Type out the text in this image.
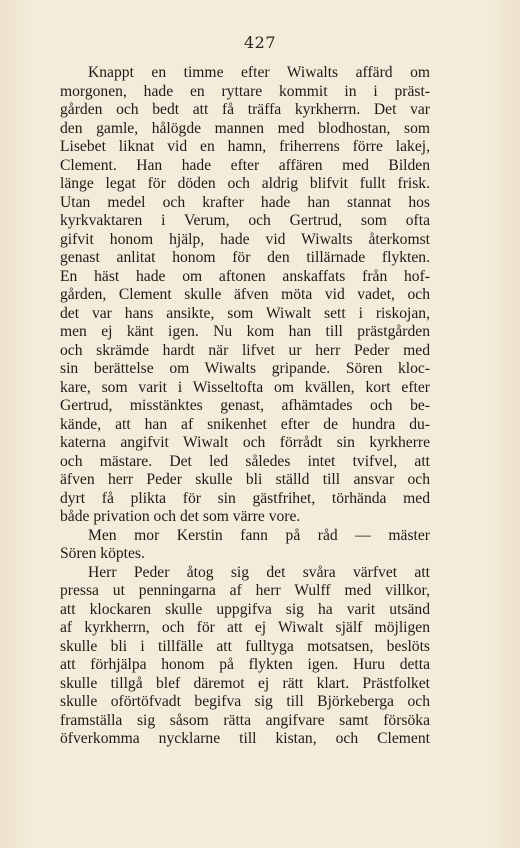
427
Knappt en timme efter Wiwalts affärd om
morgonen, hade en ryttare kommit in i präst-
gården och bedt att få träffa kyrkherrn. Det var
den gamle, hålögde mannen med blodhostan, som
Lisebet liknat vid en hamn, friherrens förre lakej,
Clement. Han hade efter affären med Bilden
länge legat för döden och aldrig blifvit fullt frisk.
Utan medel och krafter hade han stannat hos
kyrkvaktaren i Verum, och Gertrud, som ofta
gifvit honom hjälp, hade vid Wiwalts återkomst
genast anlitat honom för den tillärnade flykten.
En häst hade om aftonen anskaffats från hof-
gården, Clement skulle äfven möta vid vadet, och
det var hans ansikte, som Wiwalt sett i riskojan,
men ej känt igen. Nu kom han till prästgården
och skrämde hardt när lifvet ur herr Peder med
sin berättelse om Wiwalts gripande. Sören kloc-
kare, som varit i Wisseltofta om kvällen, kort efter
Gertrud, misstänktes genast, afhämtades och be-
kände, att han af snikenhet efter de hundra du-
katerna angifvit Wiwalt och förrådt sin kyrkherre
och mästare. Det led således intet tvifvel, att
äfven herr Peder skulle bli ställd till ansvar och
dyrt få plikta för sin gästfrihet, törhända med
både privation och det som värre vore.
Men mor Kerstin fann på råd — mäster
Sören köptes.
Herr Peder åtog sig det svåra värfvet att
pressa ut penningarna af herr Wulff med villkor,
att klockaren skulle uppgifva sig ha varit utsänd
af kyrkherrn, och för att ej Wiwalt själf möjligen
skulle bli i tillfälle att fulltyga motsatsen, beslöts
att förhjälpa honom på flykten igen. Huru detta
skulle tillgå blef däremot ej rätt klart. Prästfolket
skulle oförtöfvadt begifva sig till Björkeberga och
framställa sig såsom rätta angifvare samt försöka
öfverkomma nycklarne till kistan, och Clement
